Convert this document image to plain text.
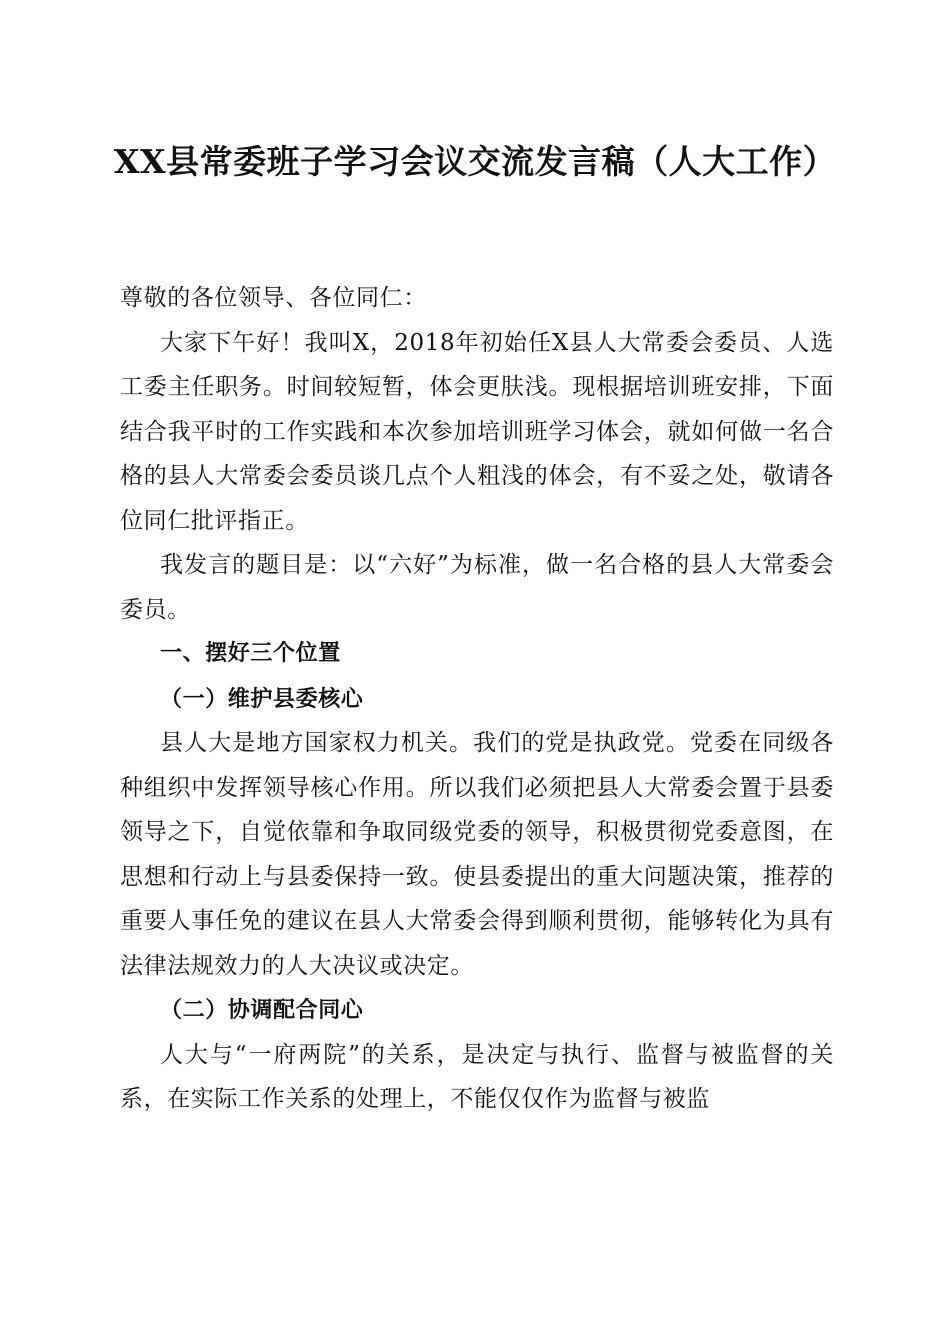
XX县常委班子学习会议交流发言稿（人大工作）

尊敬的各位领导、各位同仁：

大家下午好！我叫X，2018年初始任X县人大常委会委员、人选工委主任职务。时间较短暂，体会更肤浅。现根据培训班安排，下面结合我平时的工作实践和本次参加培训班学习体会，就如何做一名合格的县人大常委会委员谈几点个人粗浅的体会，有不妥之处，敬请各位同仁批评指正。

我发言的题目是：以“六好”为标准，做一名合格的县人大常委会委员。

一、摆好三个位置

（一）维护县委核心

县人大是地方国家权力机关。我们的党是执政党。党委在同级各种组织中发挥领导核心作用。所以我们必须把县人大常委会置于县委领导之下，自觉依靠和争取同级党委的领导，积极贯彻党委意图，在思想和行动上与县委保持一致。使县委提出的重大问题决策，推荐的重要人事任免的建议在县人大常委会得到顺利贯彻，能够转化为具有法律法规效力的人大决议或决定。

（二）协调配合同心

人大与“一府两院”的关系，是决定与执行、监督与被监督的关系，在实际工作关系的处理上，不能仅仅作为监督与被监
